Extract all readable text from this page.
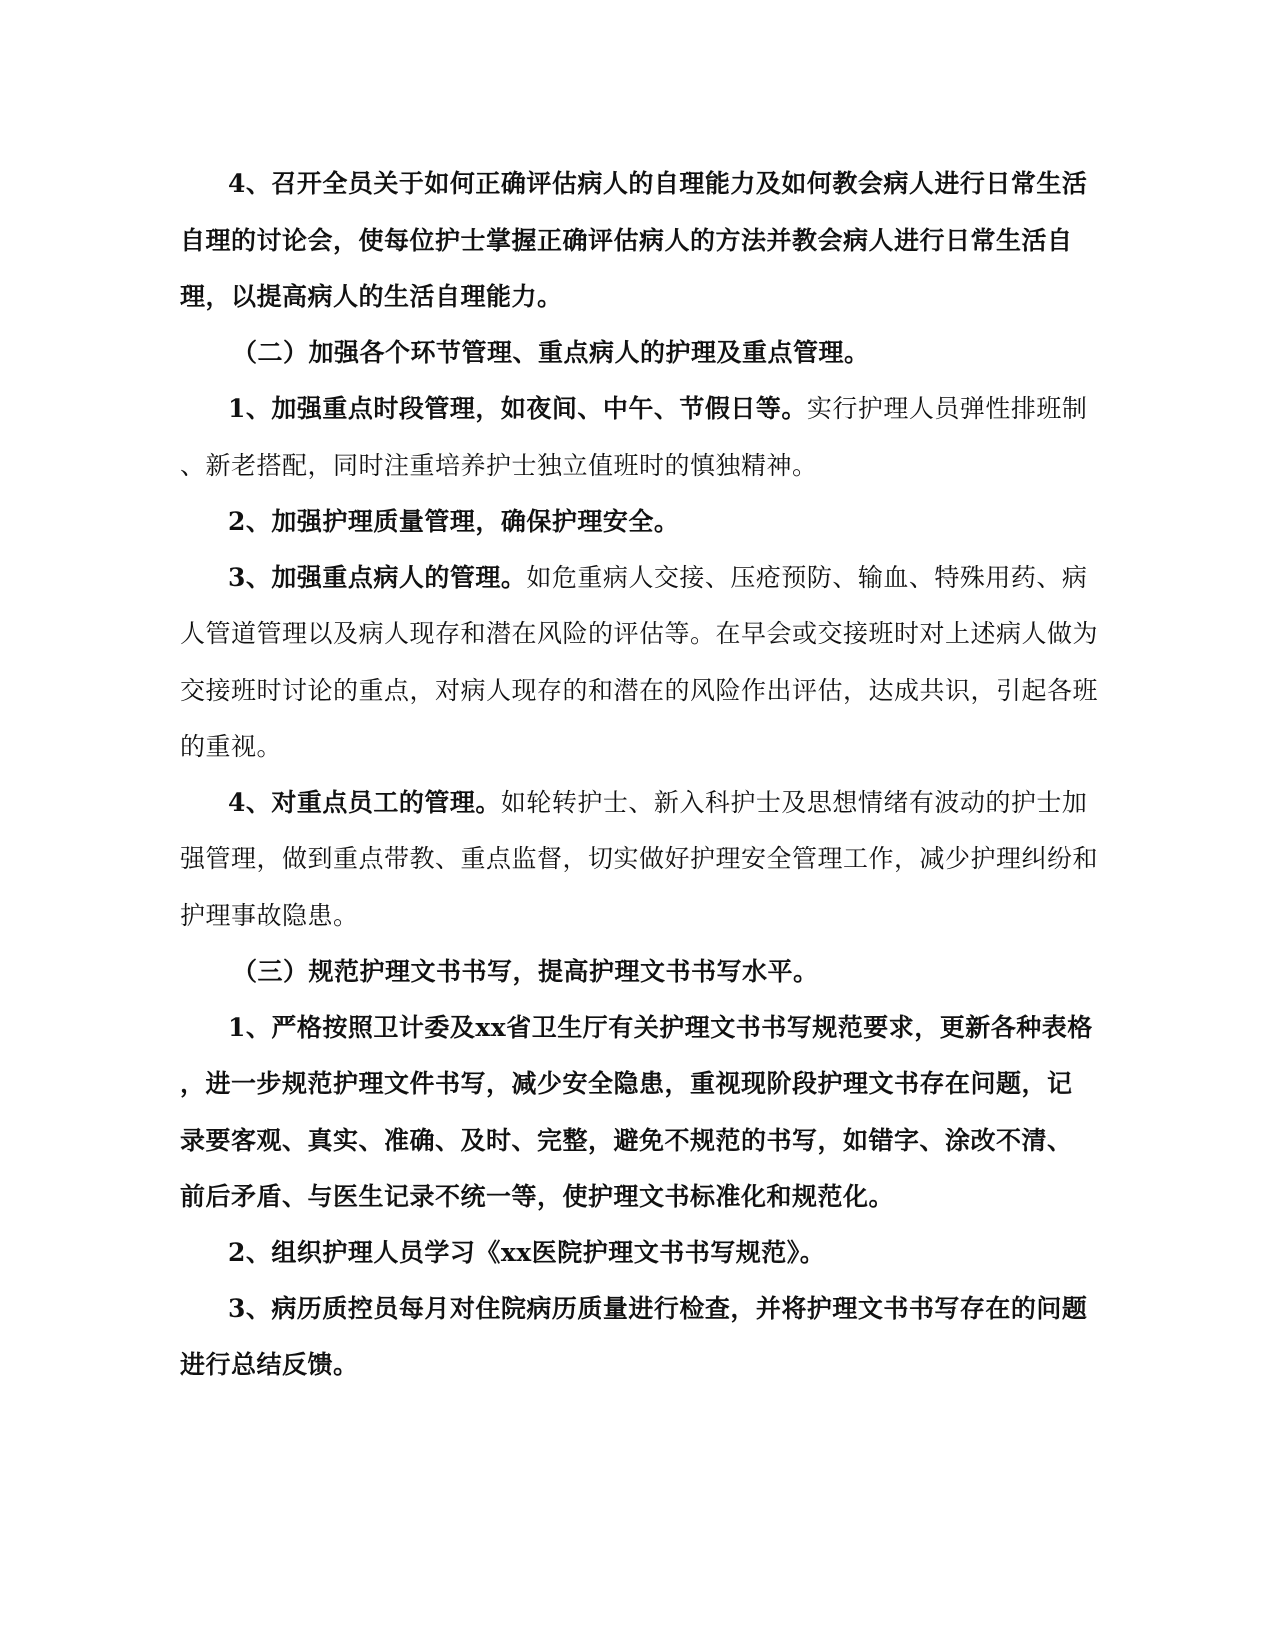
4、召开全员关于如何正确评估病人的自理能力及如何教会病人进行日常生活
自理的讨论会，使每位护士掌握正确评估病人的方法并教会病人进行日常生活自
理，以提高病人的生活自理能力。
（二）加强各个环节管理、重点病人的护理及重点管理。
1、加强重点时段管理，如夜间、中午、节假日等。实行护理人员弹性排班制
、新老搭配，同时注重培养护士独立值班时的慎独精神。
2、加强护理质量管理，确保护理安全。
3、加强重点病人的管理。如危重病人交接、压疮预防、输血、特殊用药、病
人管道管理以及病人现存和潜在风险的评估等。在早会或交接班时对上述病人做为
交接班时讨论的重点，对病人现存的和潜在的风险作出评估，达成共识，引起各班
的重视。
4、对重点员工的管理。如轮转护士、新入科护士及思想情绪有波动的护士加
强管理，做到重点带教、重点监督，切实做好护理安全管理工作，减少护理纠纷和
护理事故隐患。
（三）规范护理文书书写，提高护理文书书写水平。
1、严格按照卫计委及xx省卫生厅有关护理文书书写规范要求，更新各种表格
，进一步规范护理文件书写，减少安全隐患，重视现阶段护理文书存在问题，记
录要客观、真实、准确、及时、完整，避免不规范的书写，如错字、涂改不清、
前后矛盾、与医生记录不统一等，使护理文书标准化和规范化。
2、组织护理人员学习《xx医院护理文书书写规范》。
3、病历质控员每月对住院病历质量进行检查，并将护理文书书写存在的问题
进行总结反馈。
